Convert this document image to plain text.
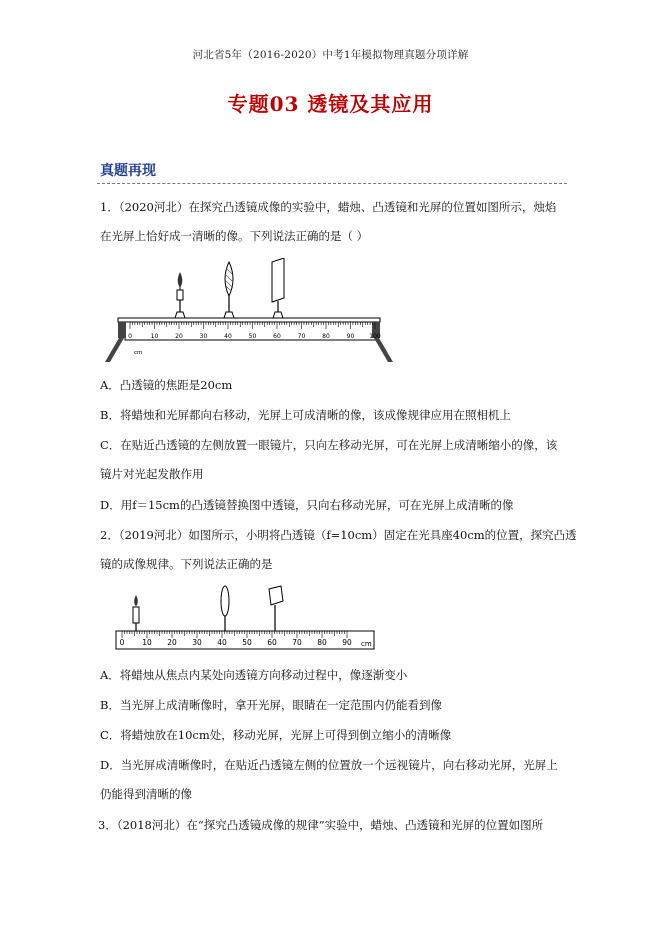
河北省5年（2016-2020）中考1年模拟物理真题分项详解
专题03 透镜及其应用
真题再现
1．（2020河北）在探究凸透镜成像的实验中，蜡烛、凸透镜和光屏的位置如图所示，烛焰
在光屏上恰好成一清晰的像。下列说法正确的是（ ）
0	10	20	30	40	50	60	70	80	90 100
cm
A．凸透镜的焦距是20cm
B．将蜡烛和光屏都向右移动，光屏上可成清晰的像，该成像规律应用在照相机上
C．在贴近凸透镜的左侧放置一眼镜片，只向左移动光屏，可在光屏上成清晰缩小的像，该
镜片对光起发散作用
D．用f＝15cm的凸透镜替换图中透镜，只向右移动光屏，可在光屏上成清晰的像
2．（2019河北）如图所示，小明将凸透镜（f=10cm）固定在光具座40cm的位置，探究凸透
镜的成像规律。下列说法正确的是
0 10 20 30 40 50 60 70 80 90 cm
A．将蜡烛从焦点内某处向透镜方向移动过程中，像逐渐变小
B．当光屏上成清晰像时，拿开光屏，眼睛在一定范围内仍能看到像
C．将蜡烛放在10cm处，移动光屏，光屏上可得到倒立缩小的清晰像
D．当光屏成清晰像时，在贴近凸透镜左侧的位置放一个远视镜片，向右移动光屏，光屏上
仍能得到清晰的像
3．（2018河北）在“探究凸透镜成像的规律”实验中，蜡烛、凸透镜和光屏的位置如图所
